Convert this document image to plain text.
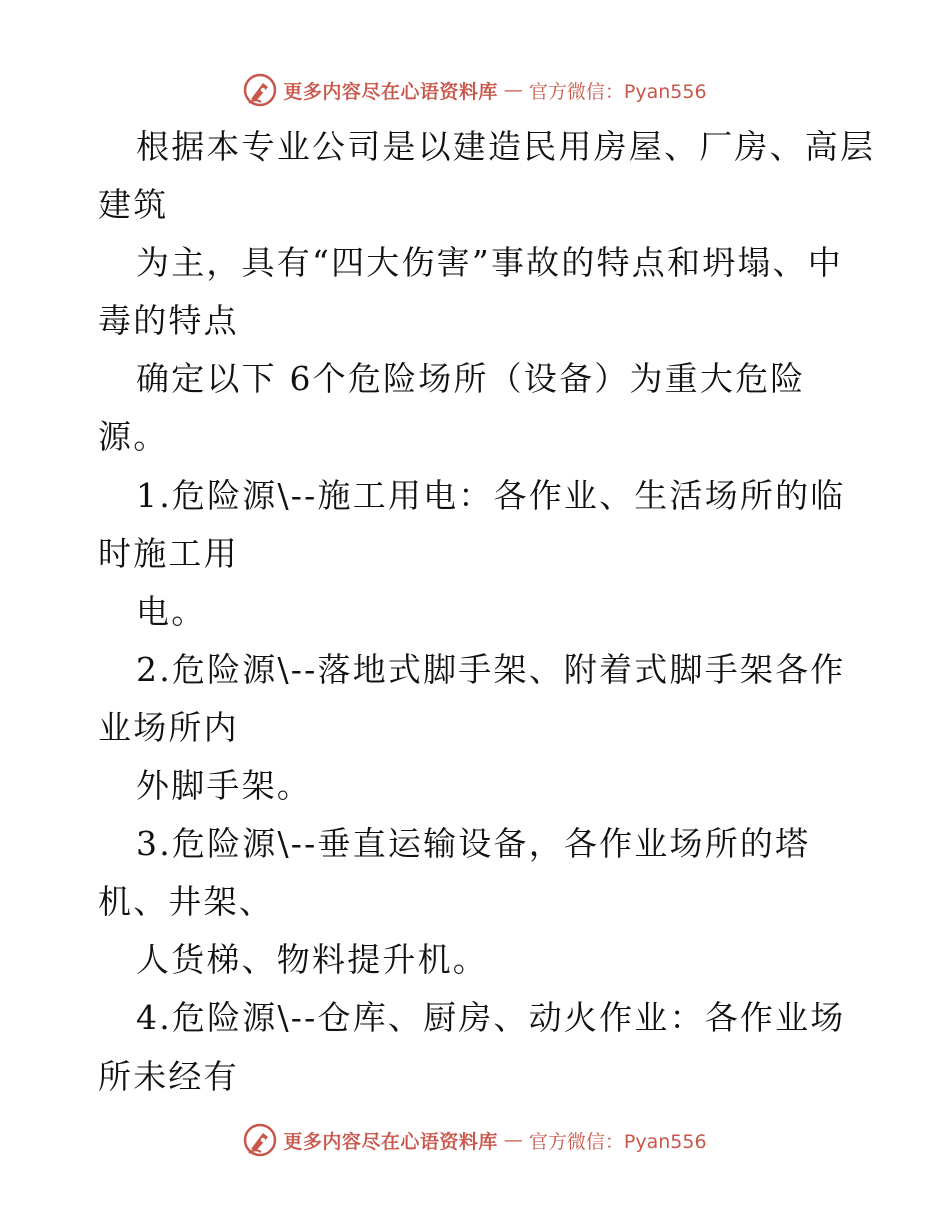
更多内容尽在心语资料库 — 官方微信：Pyan556
根据本专业公司是以建造民用房屋、厂房、高层
建筑
为主，具有“四大伤害”事故的特点和坍塌、中
毒的特点
确定以下 6个危险场所（设备）为重大危险
源。
1.危险源\--施工用电：各作业、生活场所的临
时施工用
电。
2.危险源\--落地式脚手架、附着式脚手架各作
业场所内
外脚手架。
3.危险源\--垂直运输设备，各作业场所的塔
机、井架、
人货梯、物料提升机。
4.危险源\--仓库、厨房、动火作业：各作业场
所未经有
更多内容尽在心语资料库 — 官方微信：Pyan556
